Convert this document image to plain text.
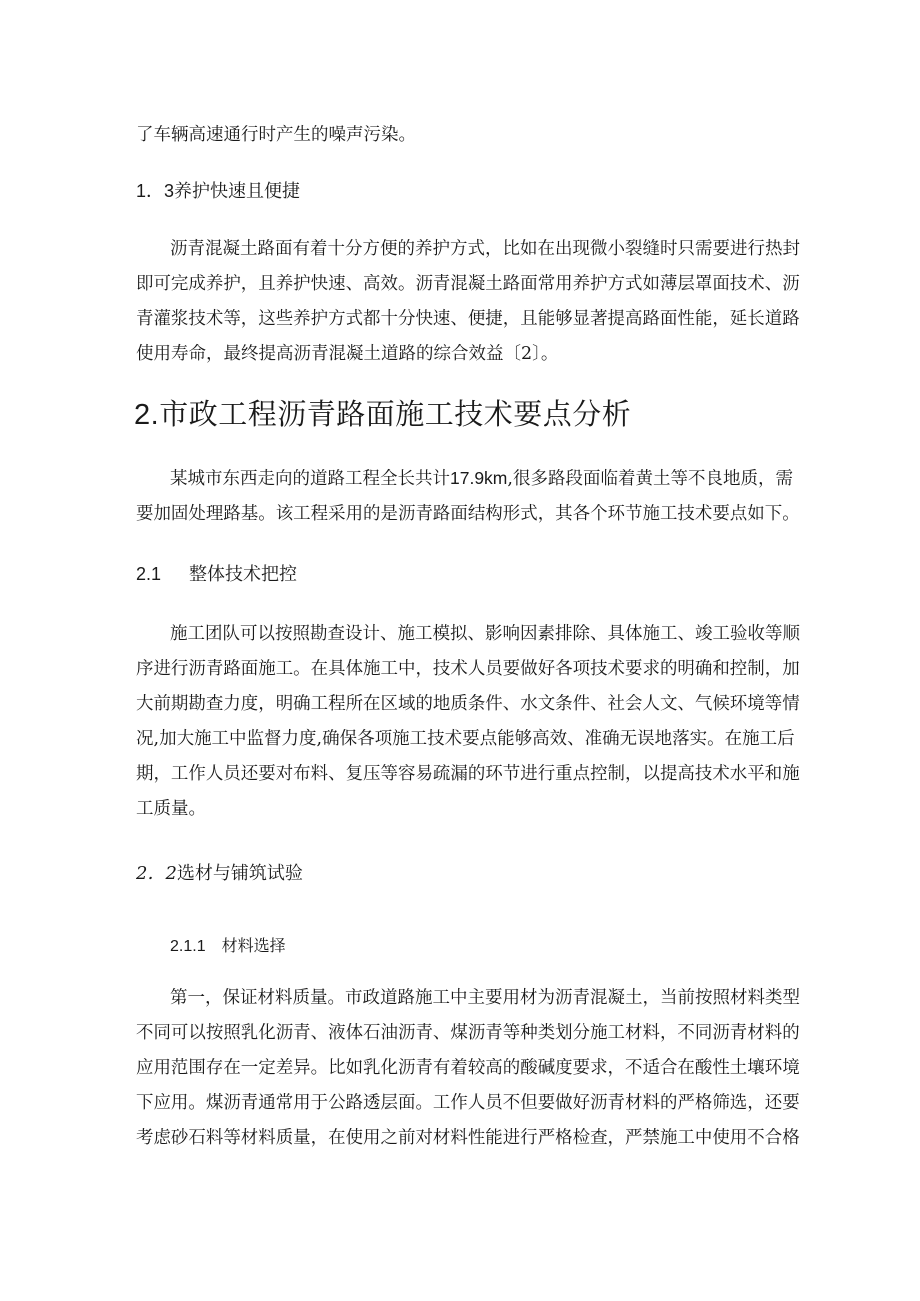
了车辆高速通行时产生的噪声污染。
1．3养护快速且便捷
沥青混凝土路面有着十分方便的养护方式，比如在出现微小裂缝时只需要进行热封
即可完成养护，且养护快速、高效。沥青混凝土路面常用养护方式如薄层罩面技术、沥
青灌浆技术等，这些养护方式都十分快速、便捷，且能够显著提高路面性能，延长道路
使用寿命，最终提高沥青混凝土道路的综合效益〔2〕。
2.市政工程沥青路面施工技术要点分析
某城市东西走向的道路工程全长共计17.9km,很多路段面临着黄土等不良地质，需
要加固处理路基。该工程采用的是沥青路面结构形式，其各个环节施工技术要点如下。
2.1 整体技术把控
施工团队可以按照勘查设计、施工模拟、影响因素排除、具体施工、竣工验收等顺
序进行沥青路面施工。在具体施工中，技术人员要做好各项技术要求的明确和控制，加
大前期勘查力度，明确工程所在区域的地质条件、水文条件、社会人文、气候环境等情
况,加大施工中监督力度,确保各项施工技术要点能够高效、准确无误地落实。在施工后
期，工作人员还要对布料、复压等容易疏漏的环节进行重点控制，以提高技术水平和施
工质量。
2．2选材与铺筑试验
2.1.1 材料选择
第一，保证材料质量。市政道路施工中主要用材为沥青混凝土，当前按照材料类型
不同可以按照乳化沥青、液体石油沥青、煤沥青等种类划分施工材料，不同沥青材料的
应用范围存在一定差异。比如乳化沥青有着较高的酸碱度要求，不适合在酸性土壤环境
下应用。煤沥青通常用于公路透层面。工作人员不但要做好沥青材料的严格筛选，还要
考虑砂石料等材料质量，在使用之前对材料性能进行严格检查，严禁施工中使用不合格
